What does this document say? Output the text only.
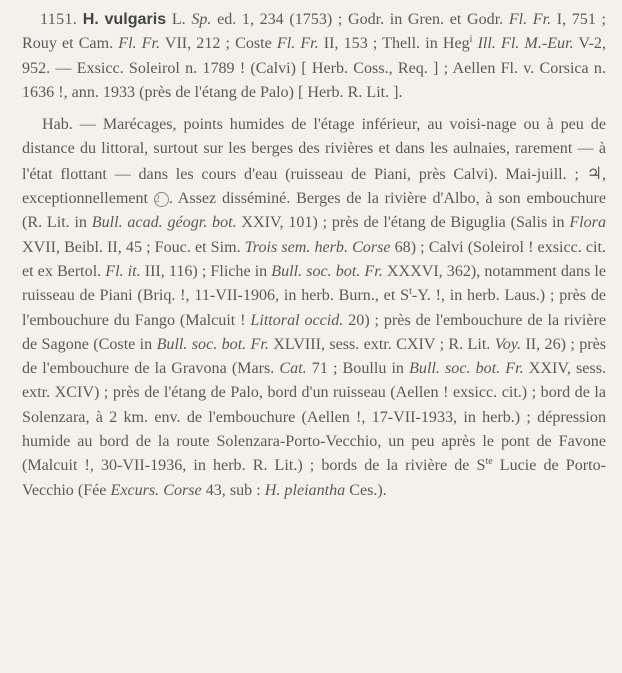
1151. H. vulgaris L. Sp. ed. 1, 234 (1753) ; Godr. in Gren. et Godr. Fl. Fr. I, 751 ; Rouy et Cam. Fl. Fr. VII, 212 ; Coste Fl. Fr. II, 153 ; Thell. in Heg$^i$ Ill. Fl. M.-Eur. V-2, 952. — Exsicc. Soleirol n. 1789 ! (Calvi) [ Herb. Coss., Req. ] ; Aellen Fl. v. Corsica n. 1636 !, ann. 1933 (près de l'étang de Palo) [ Herb. R. Lit. ].

Hab. — Marécages, points humides de l'étage inférieur, au voisi-nage ou à peu de distance du littoral, surtout sur les berges des rivières et dans les aulnaies, rarement — à l'état flottant — dans les cours d'eau (ruisseau de Piani, près Calvi). Mai-juill. ; ♃, exceptionnellement 2 . Assez disséminé. Berges de la rivière d'Albo, à son embouchure (R. Lit. in Bull. acad. géogr. bot. XXIV, 101) ; près de l'étang de Biguglia (Salis in Flora XVII, Beibl. II, 45 ; Fouc. et Sim. Trois sem. herb. Corse 68) ; Calvi (Soleirol ! exsicc. cit. et ex Bertol. Fl. it. III, 116) ; Fliche in Bull. soc. bot. Fr. XXXVI, 362), notamment dans le ruisseau de Piani (Briq. !, 11-VII-1906, in herb. Burn., et $S^t-Y$. !, in herb. Laus.) ; près de l'embouchure du Fango (Malcuit ! Littoral occid. 20) ; près de l'embouchure de la rivière de Sagone (Coste in Bull. soc. bot. Fr. XLVIII, sess. extr. CXIV ; R. Lit. Voy. II, 26) ; près de l'embouchure de la Gravona (Mars. Cat. 71 ; Boullu in Bull. soc. bot. Fr. XXIV, sess. extr. XCIV) ; près de l'étang de Palo, bord d'un ruisseau (Aellen ! exsicc. cit.) ; bord de la Solenzara, à 2 km. env. de l'embouchure (Aellen !, 17-VII-1933, in herb.) ; dépression humide au bord de la route Solenzara-Porto-Vecchio, un peu après le pont de Favone (Malcuit !, 30-VII-1936, in herb. R. Lit.) ; bords de la rivière de $S^{te}$ Lucie de Porto-Vecchio (Fée Excurs. Corse 43, sub : H. pleiantha Ces.).
